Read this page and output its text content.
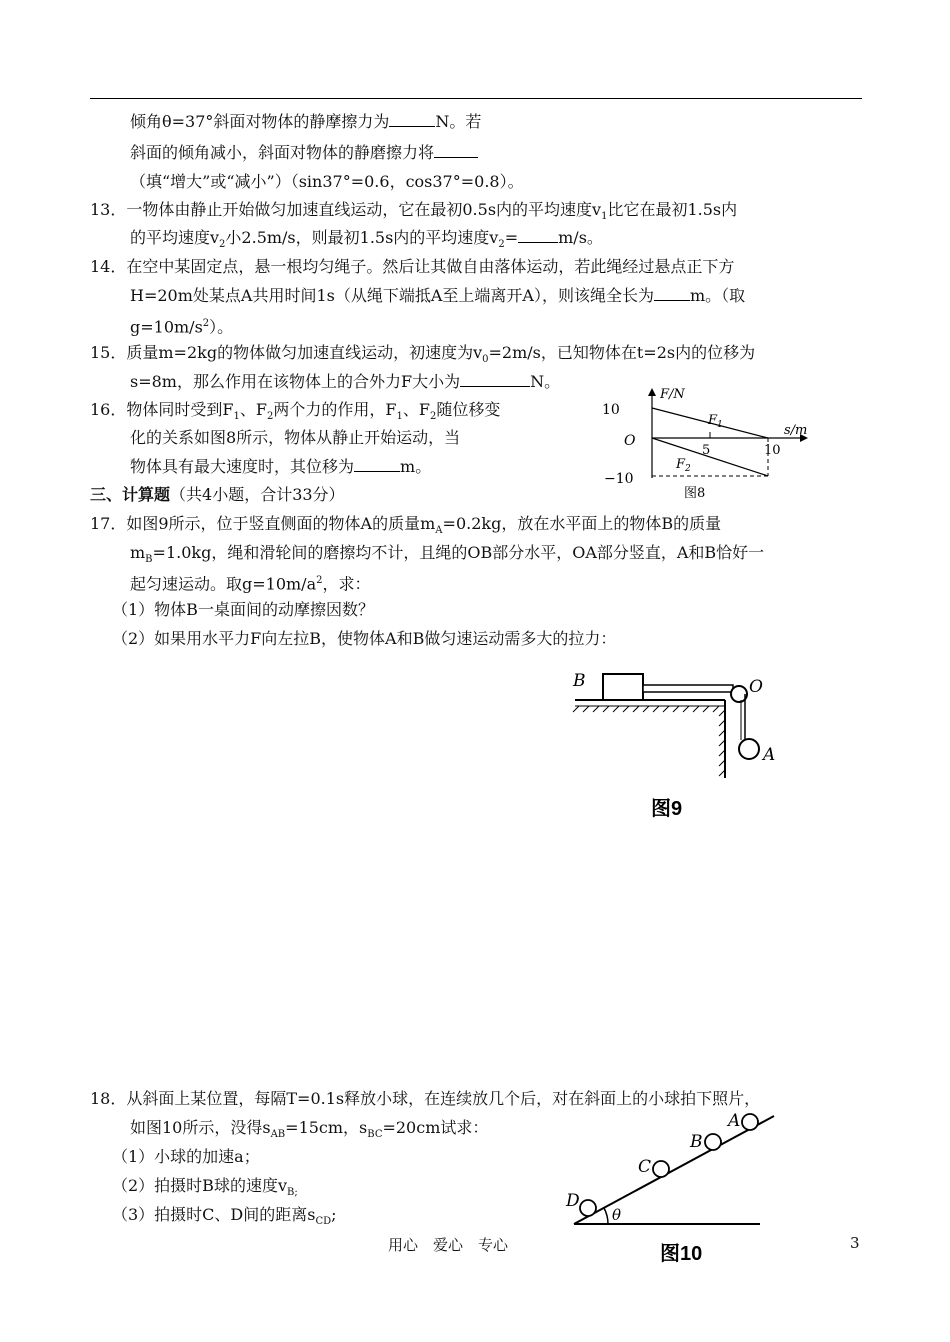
倾角θ=37°斜面对物体的静摩擦力为	N。若
斜面的倾角减小，斜面对物体的静磨擦力将
（填“增大”或“减小”）（sin37°=0.6，cos37°=0.8）。
13．一物体由静止开始做匀加速直线运动，它在最初0.5s内的平均速度$v_1$比它在最初1.5s内
的平均速度$v_2$小2.5m/s，则最初1.5s内的平均速度$v_2=$	m/s。
14．在空中某固定点，悬一根均匀绳子。然后让其做自由落体运动，若此绳经过悬点正下方
H=20m处某点A共用时间1s（从绳下端抵A至上端离开A），则该绳全长为 m。（取
$g=10m/s^2$）。
15．质量m=2kg的物体做匀加速直线运动，初速度为$v_0=2m/s$，已知物体在t=2s内的位移为
s=8m，那么作用在该物体上的合外力F大小为	N。
16．物体同时受到$F_1$、$F_2$两个力的作用，$F_1$、$F_2$随位移变
化的关系如图8所示，物体从静止开始运动，当
物体具有最大速度时，其位移为	m。
F/N
10
O
−10
5	10
s/m
$F_1$
$F_2$
图8
三、计算题（共4小题，合计33分）
17．如图9所示，位于竖直侧面的物体A的质量$m_A=0.2kg$，放在水平面上的物体B的质量
$m_B=1.0kg$，绳和滑轮间的磨擦均不计，且绳的OB部分水平，OA部分竖直，A和B恰好一
起匀速运动。取$g=10m/a^2$，求：
（1）物体B一桌面间的动摩擦因数？
（2）如果用水平力F向左拉B，使物体A和B做匀速运动需多大的拉力：
B	O
A
图9
18．从斜面上某位置，每隔T=0.1s释放小球，在连续放几个后，对在斜面上的小球拍下照片，
如图10所示，没得$s_{AB}=15cm$，$s_{BC}=20cm$试求：
（1）小球的加速a；
（2）拍摄时B球的速度$v_{B;}$
（3）拍摄时C、D间的距离$s_{CD}$;
D
C
B
A
θ
图10
用心　爱心　专心	3
